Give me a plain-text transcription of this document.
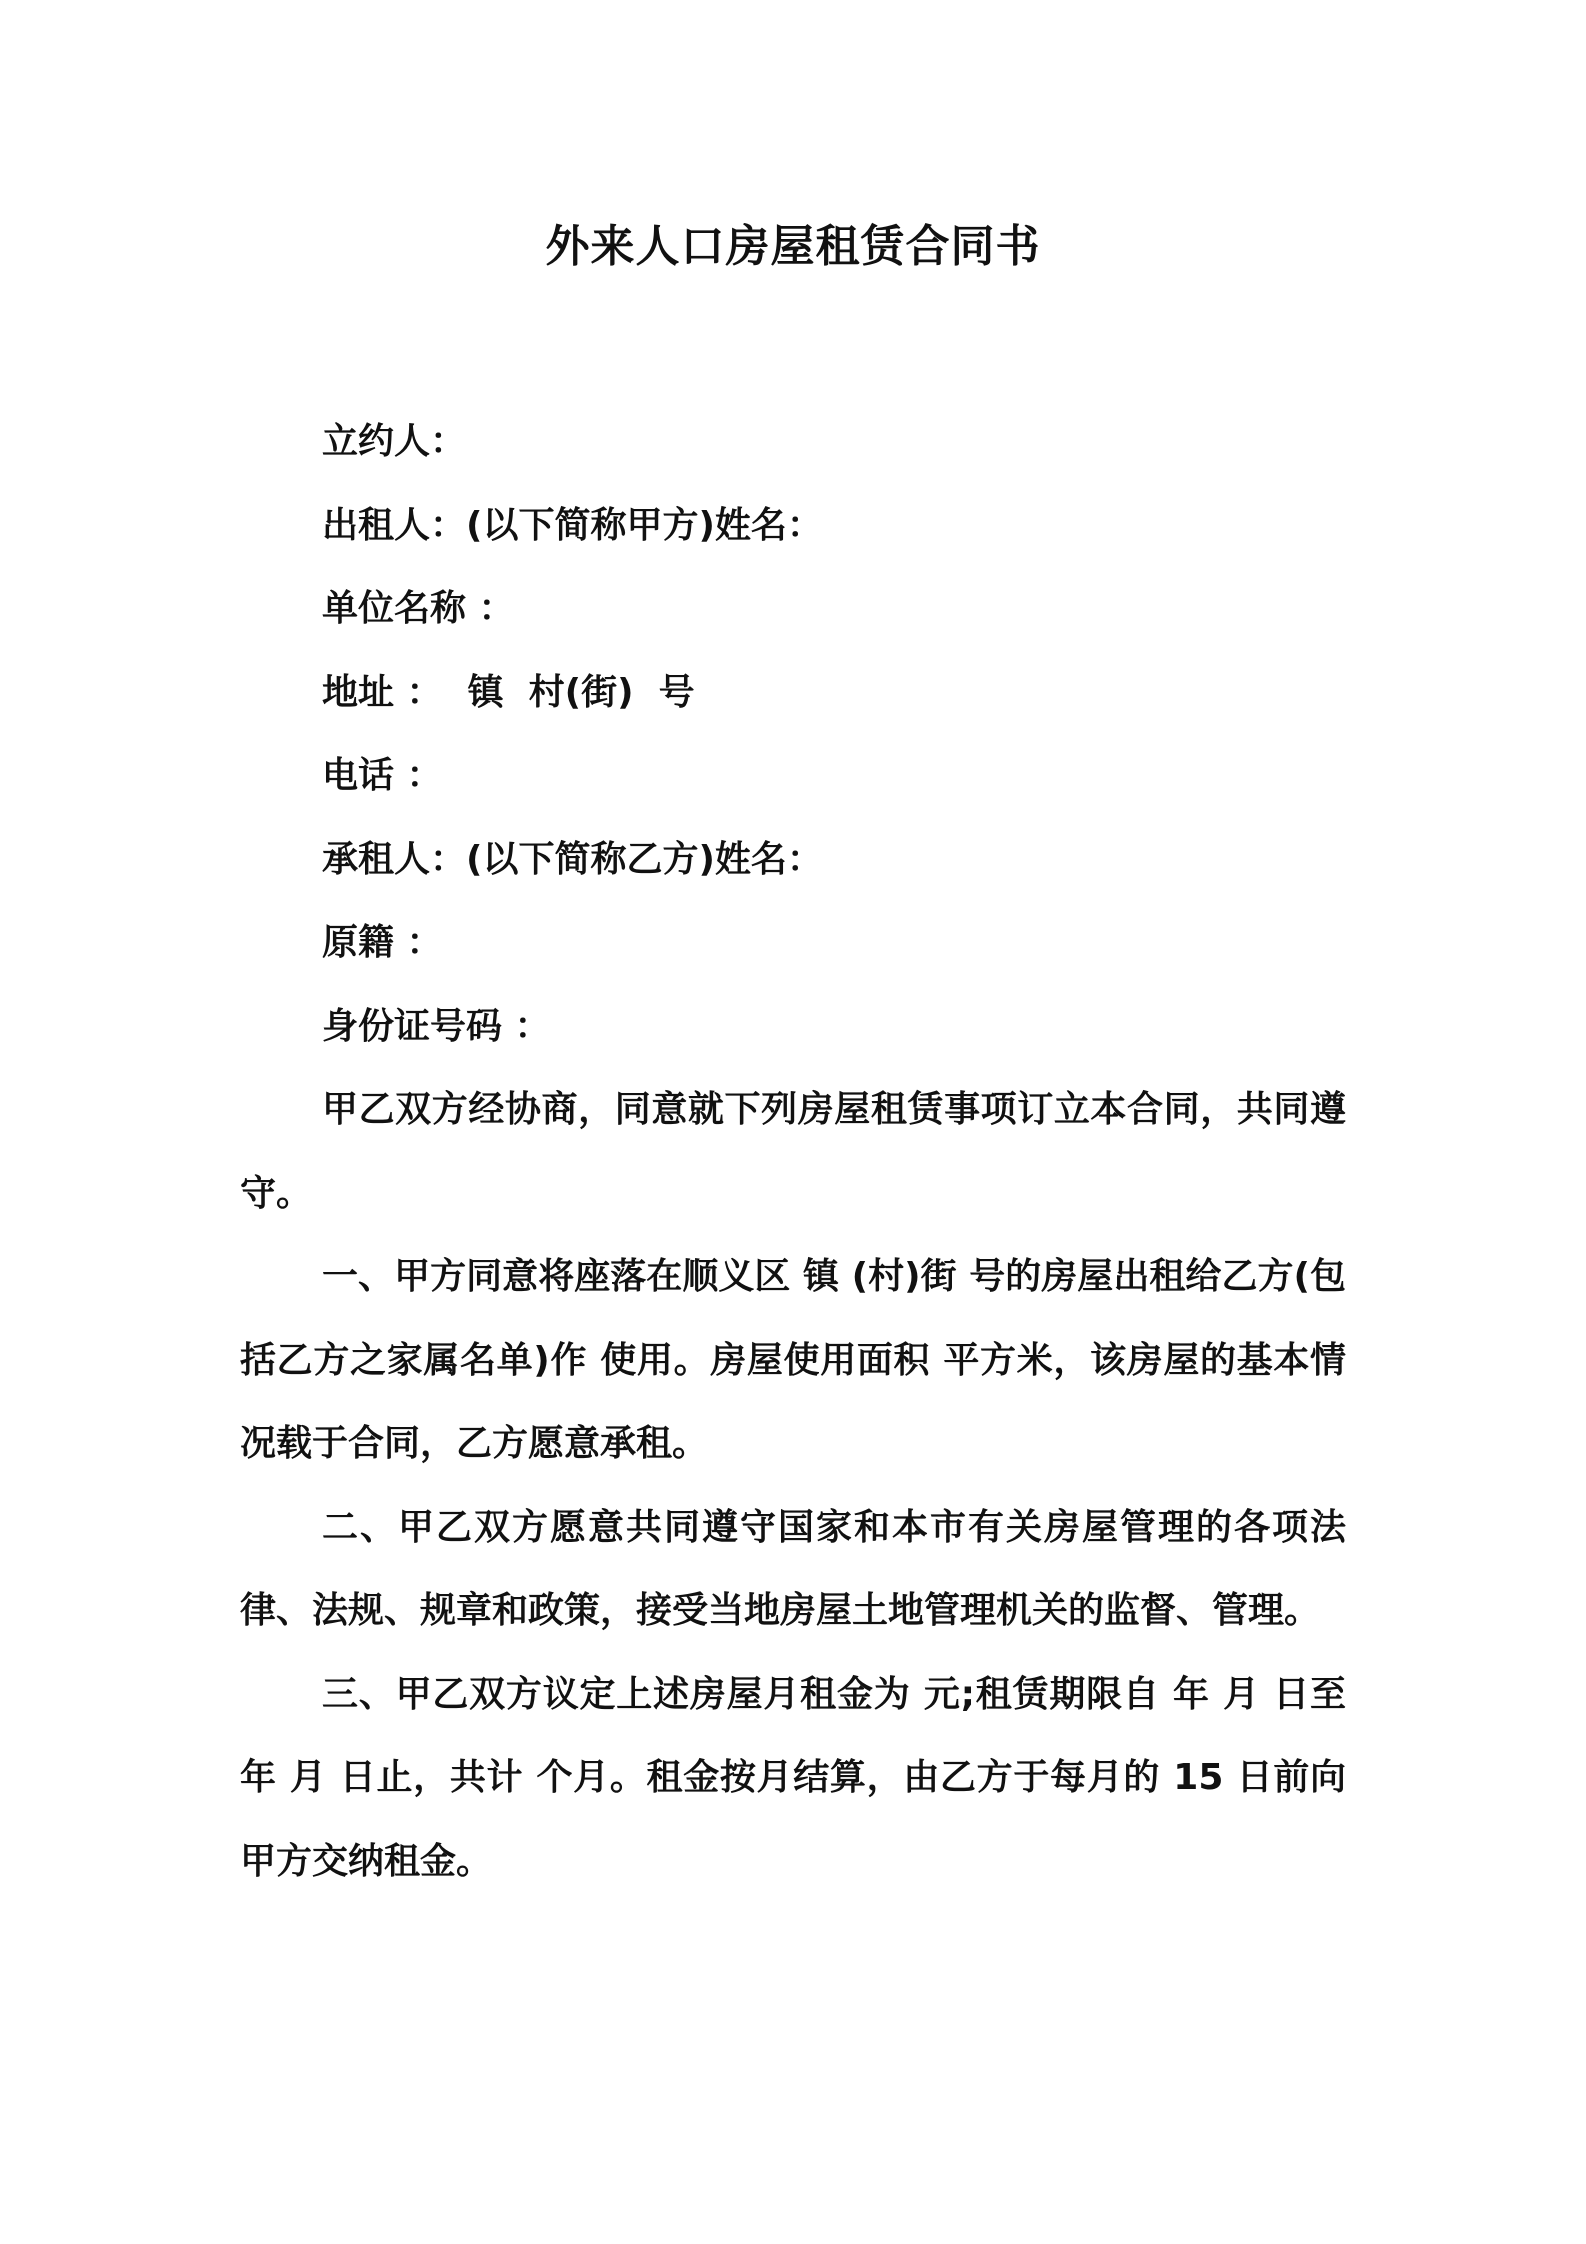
外来人口房屋租赁合同书

立约人：

出租人：(以下简称甲方)姓名：

单位名称 ：

地址 ：  镇  村(街)  号

电话 ：

承租人：(以下简称乙方)姓名：

原籍 ：

身份证号码 ：

甲乙双方经协商，同意就下列房屋租赁事项订立本合同，共同遵守。

一、甲方同意将座落在顺义区 镇 (村)街 号的房屋出租给乙方(包括乙方之家属名单)作 使用。房屋使用面积 平方米，该房屋的基本情况载于合同，乙方愿意承租。

二、甲乙双方愿意共同遵守国家和本市有关房屋管理的各项法律、法规、规章和政策，接受当地房屋土地管理机关的监督、管理。

三、甲乙双方议定上述房屋月租金为 元;租赁期限自 年 月 日至 年 月 日止，共计 个月。租金按月结算，由乙方于每月的 15 日前向甲方交纳租金。
